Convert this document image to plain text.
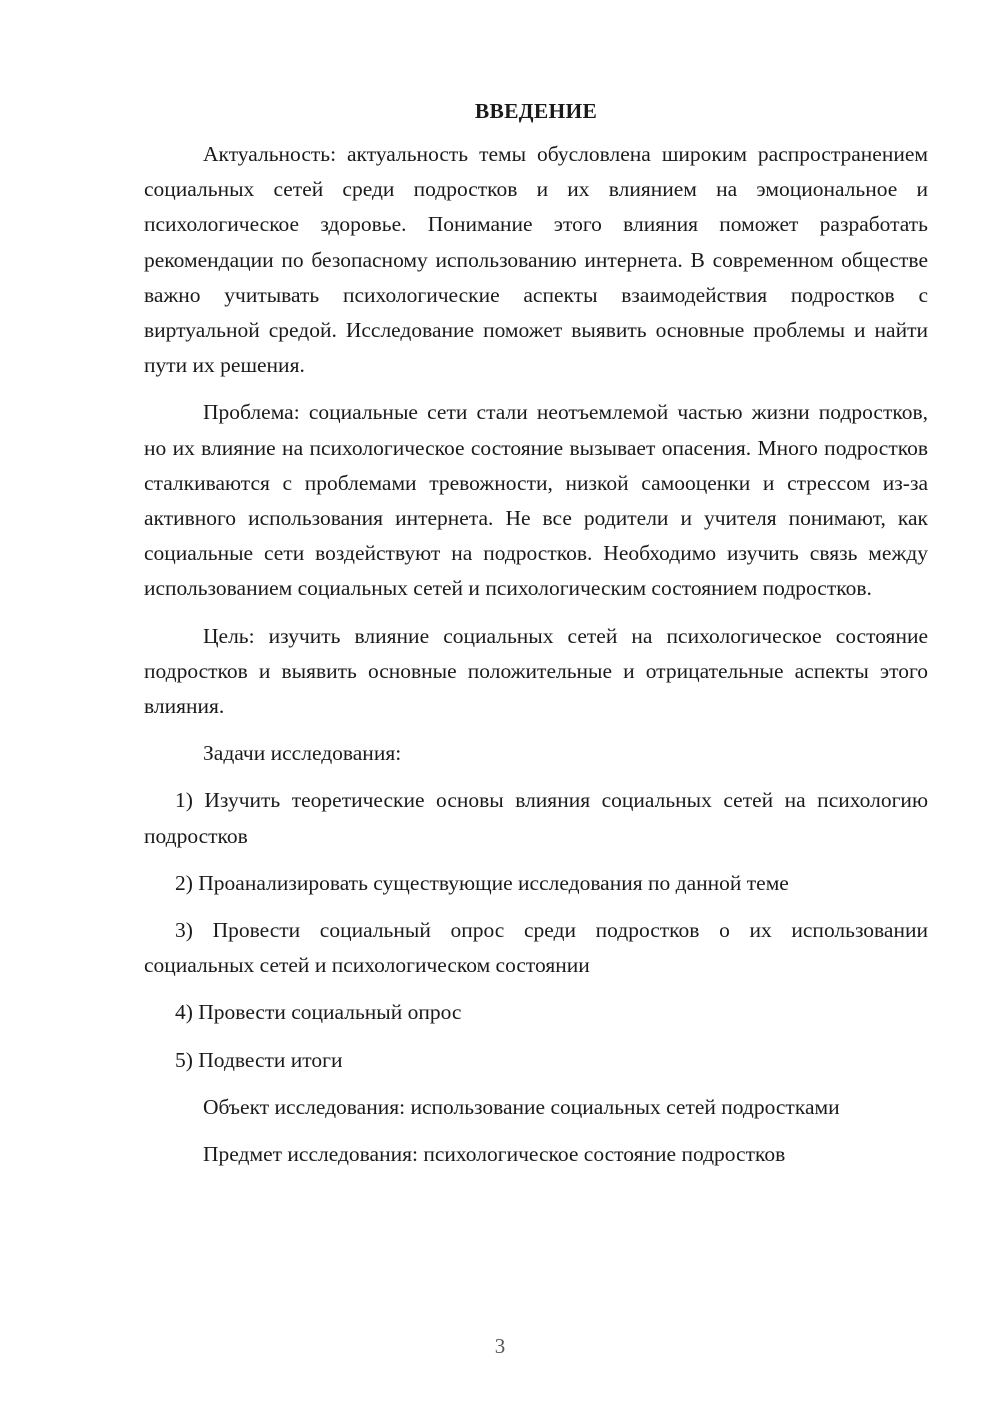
ВВЕДЕНИЕ

Актуальность: актуальность темы обусловлена широким распространением социальных сетей среди подростков и их влиянием на эмоциональное и психологическое здоровье. Понимание этого влияния поможет разработать рекомендации по безопасному использованию интернета. В современном обществе важно учитывать психологические аспекты взаимодействия подростков с виртуальной средой. Исследование поможет выявить основные проблемы и найти пути их решения.

Проблема: социальные сети стали неотъемлемой частью жизни подростков, но их влияние на психологическое состояние вызывает опасения. Много подростков сталкиваются с проблемами тревожности, низкой самооценки и стрессом из-за активного использования интернета. Не все родители и учителя понимают, как социальные сети воздействуют на подростков. Необходимо изучить связь между использованием социальных сетей и психологическим состоянием подростков.

Цель: изучить влияние социальных сетей на психологическое состояние подростков и выявить основные положительные и отрицательные аспекты этого влияния.

Задачи исследования:

1) Изучить теоретические основы влияния социальных сетей на психологию подростков

2) Проанализировать существующие исследования по данной теме

3) Провести социальный опрос среди подростков о их использовании социальных сетей и психологическом состоянии

4) Провести социальный опрос

5) Подвести итоги

Объект исследования: использование социальных сетей подростками

Предмет исследования: психологическое состояние подростков

3
